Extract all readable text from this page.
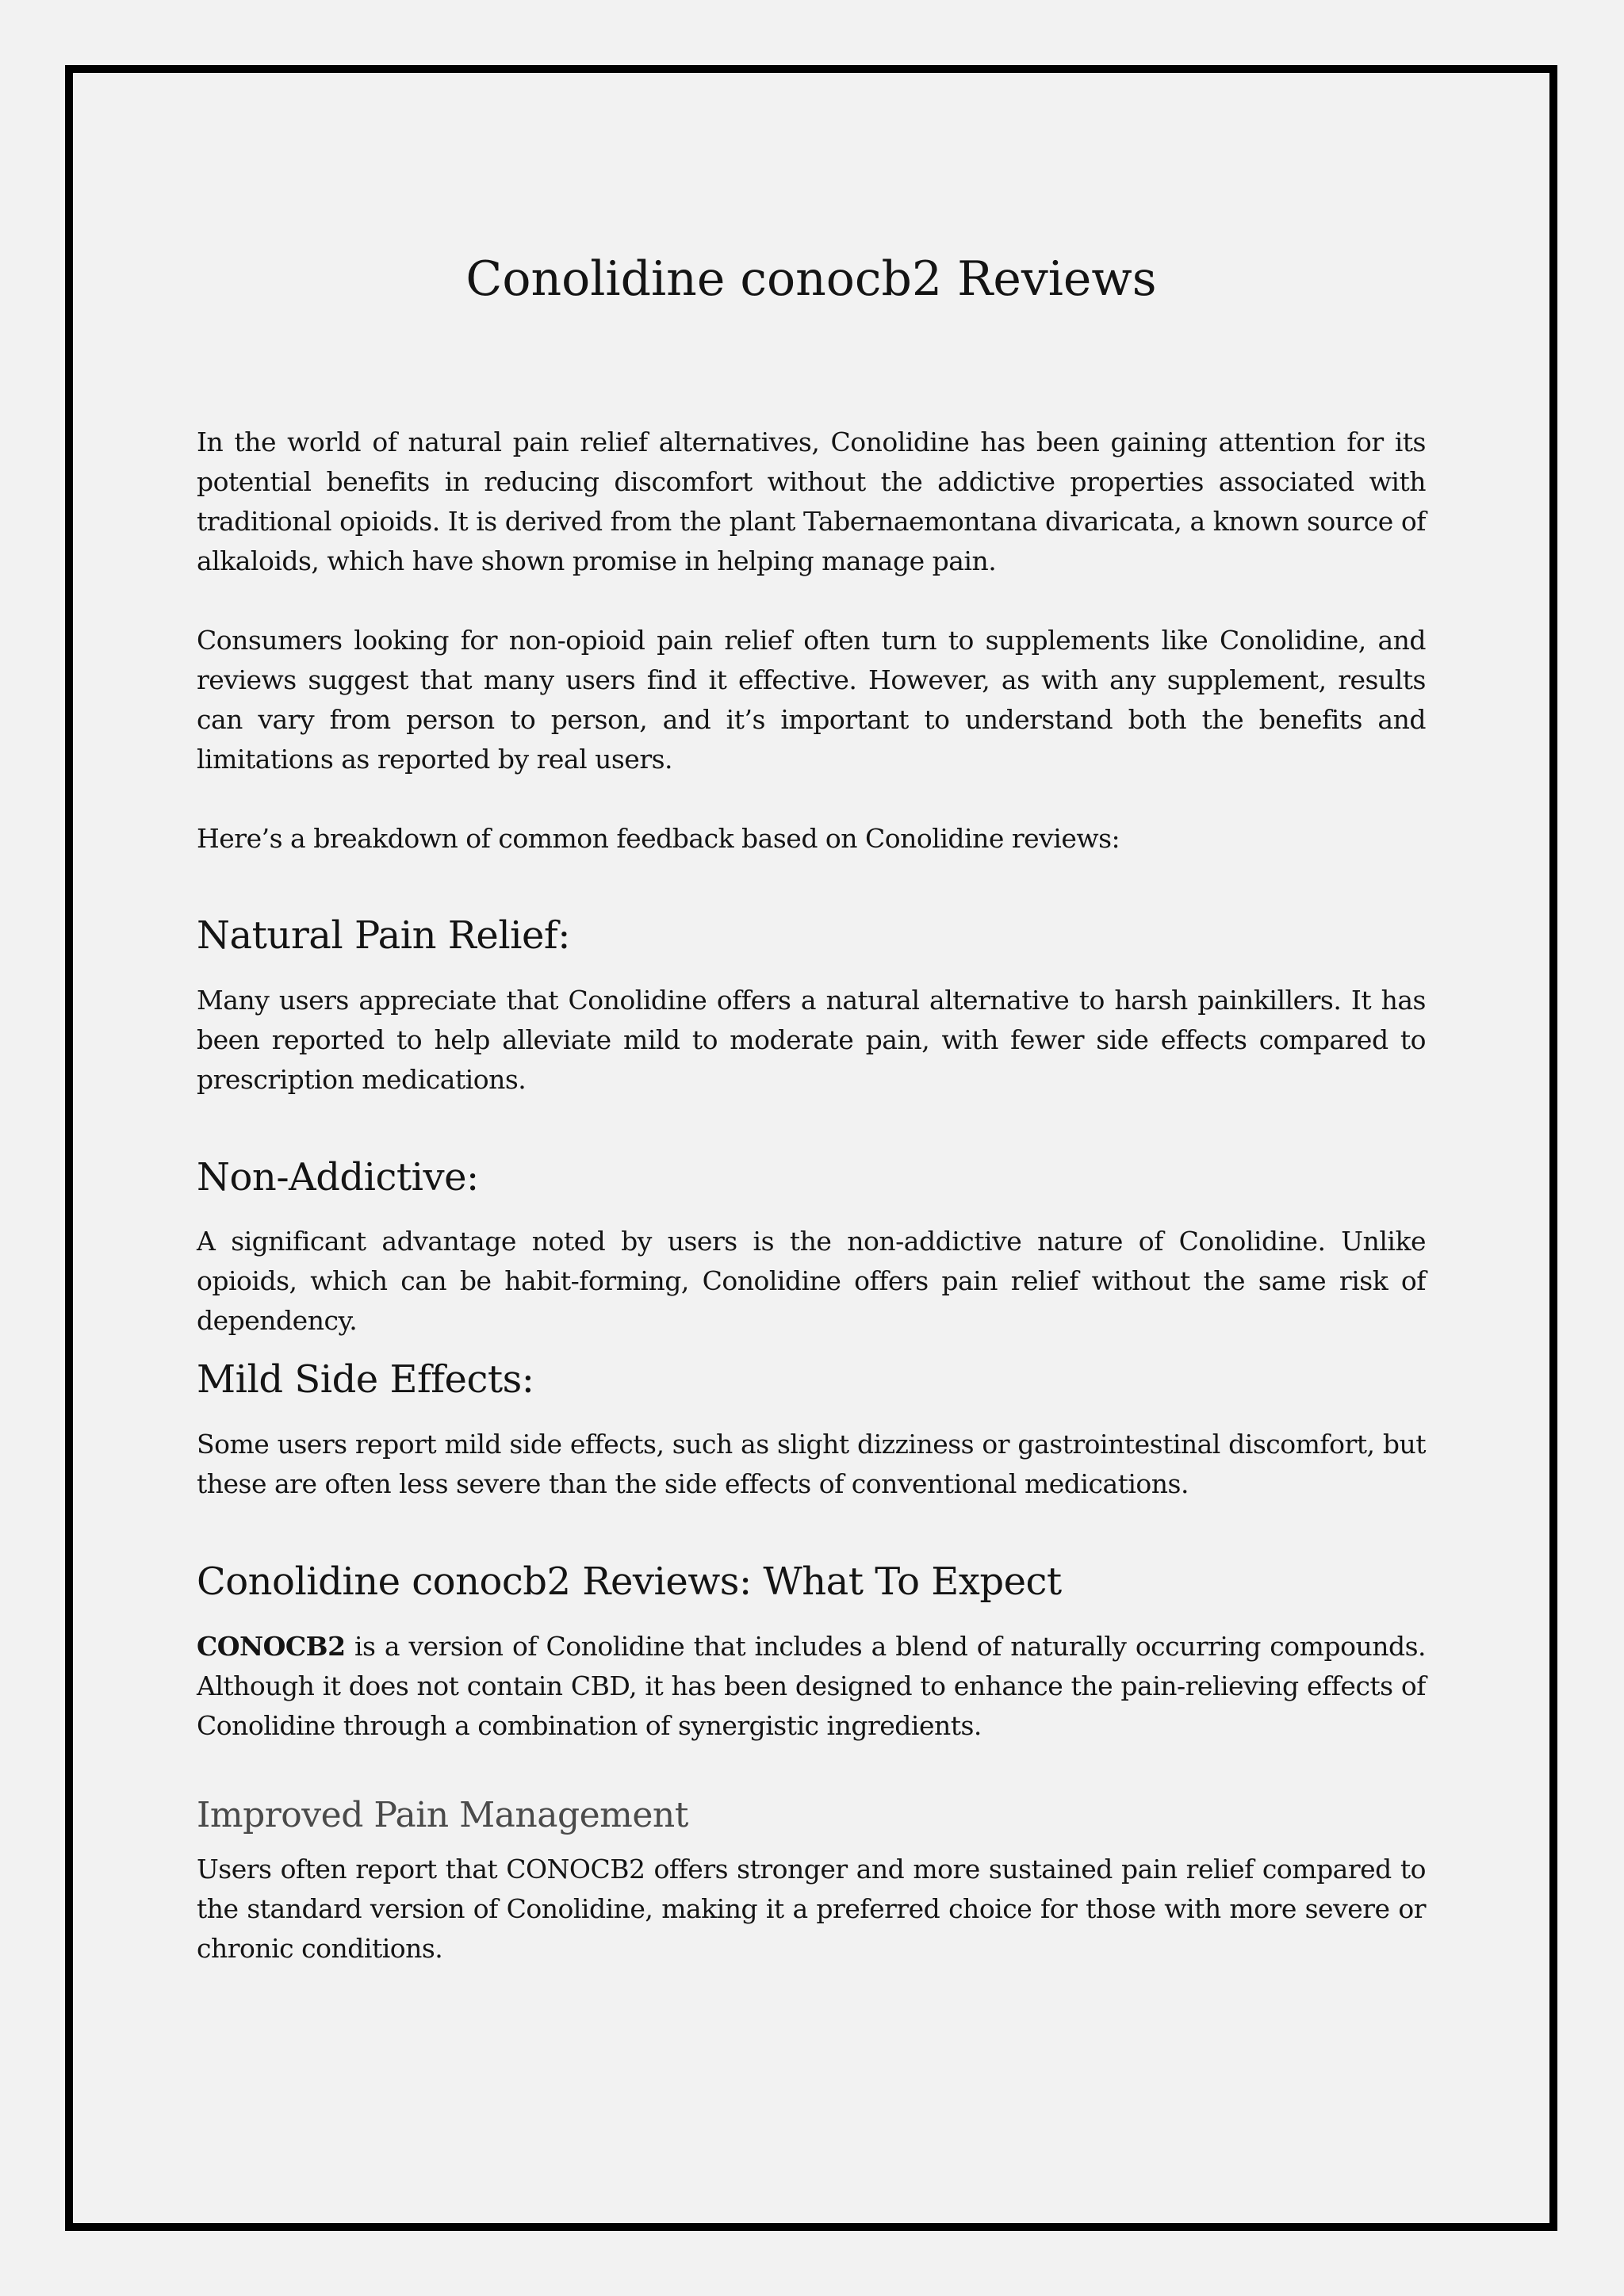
Conolidine conocb2 Reviews

In the world of natural pain relief alternatives, Conolidine has been gaining attention for its potential benefits in reducing discomfort without the addictive properties associated with traditional opioids. It is derived from the plant Tabernaemontana divaricata, a known source of alkaloids, which have shown promise in helping manage pain.

Consumers looking for non-opioid pain relief often turn to supplements like Conolidine, and reviews suggest that many users find it effective. However, as with any supplement, results can vary from person to person, and it’s important to understand both the benefits and limitations as reported by real users.

Here’s a breakdown of common feedback based on Conolidine reviews:

Natural Pain Relief:

Many users appreciate that Conolidine offers a natural alternative to harsh painkillers. It has been reported to help alleviate mild to moderate pain, with fewer side effects compared to prescription medications.

Non-Addictive:

A significant advantage noted by users is the non-addictive nature of Conolidine. Unlike opioids, which can be habit-forming, Conolidine offers pain relief without the same risk of dependency.

Mild Side Effects:

Some users report mild side effects, such as slight dizziness or gastrointestinal discomfort, but these are often less severe than the side effects of conventional medications.

Conolidine conocb2 Reviews: What To Expect

CONOCB2 is a version of Conolidine that includes a blend of naturally occurring compounds. Although it does not contain CBD, it has been designed to enhance the pain-relieving effects of Conolidine through a combination of synergistic ingredients.

Improved Pain Management

Users often report that CONOCB2 offers stronger and more sustained pain relief compared to the standard version of Conolidine, making it a preferred choice for those with more severe or chronic conditions.
